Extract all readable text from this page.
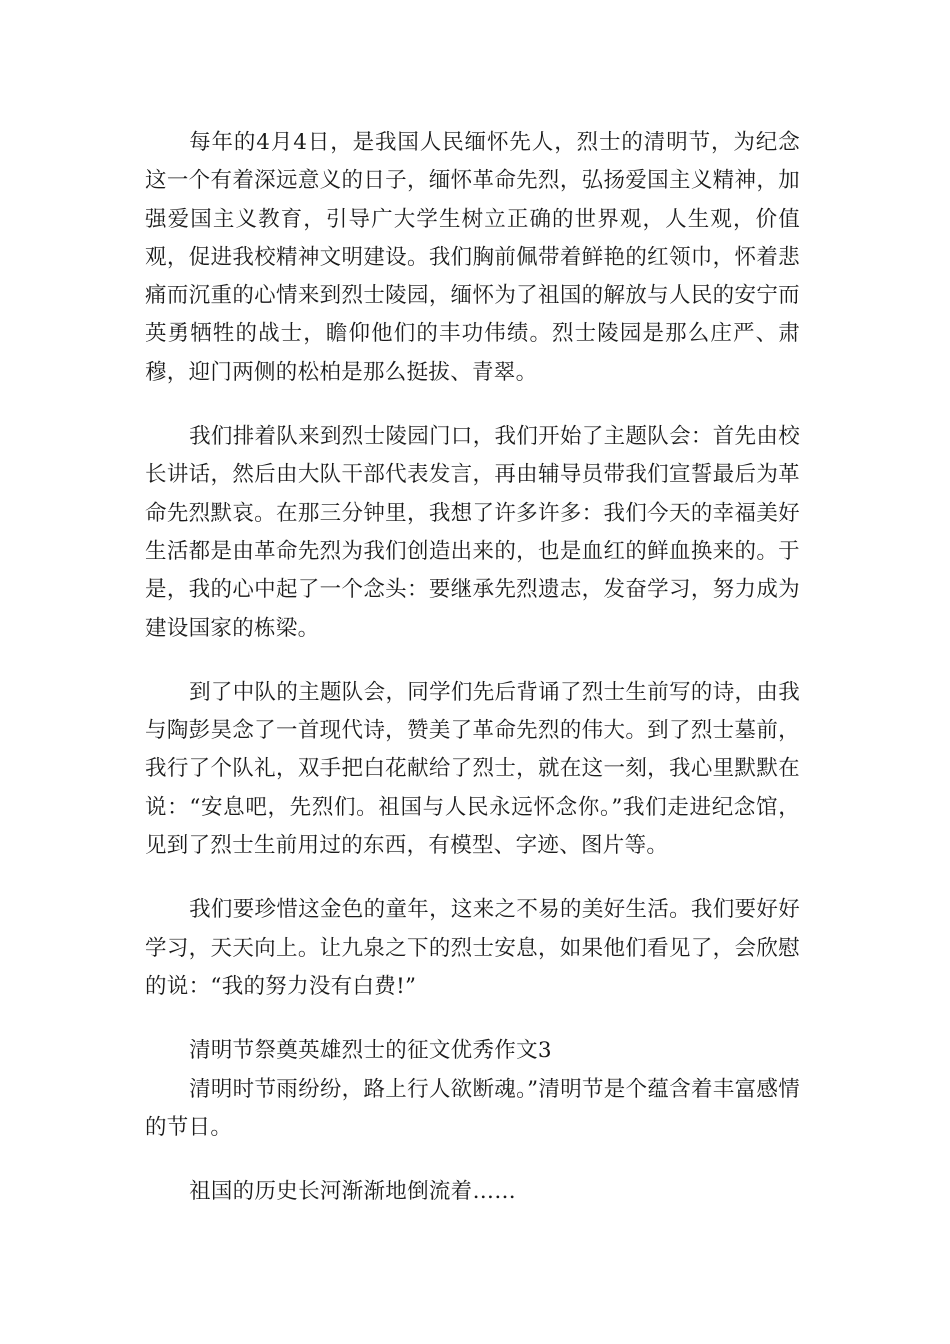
每年的4月4日，是我国人民缅怀先人，烈士的清明节，为纪念这一个有着深远意义的日子，缅怀革命先烈，弘扬爱国主义精神，加强爱国主义教育，引导广大学生树立正确的世界观，人生观，价值观，促进我校精神文明建设。我们胸前佩带着鲜艳的红领巾，怀着悲痛而沉重的心情来到烈士陵园，缅怀为了祖国的解放与人民的安宁而英勇牺牲的战士，瞻仰他们的丰功伟绩。烈士陵园是那么庄严、肃穆，迎门两侧的松柏是那么挺拔、青翠。

我们排着队来到烈士陵园门口，我们开始了主题队会：首先由校长讲话，然后由大队干部代表发言，再由辅导员带我们宣誓最后为革命先烈默哀。在那三分钟里，我想了许多许多：我们今天的幸福美好生活都是由革命先烈为我们创造出来的，也是血红的鲜血换来的。于是，我的心中起了一个念头：要继承先烈遗志，发奋学习，努力成为建设国家的栋梁。

到了中队的主题队会，同学们先后背诵了烈士生前写的诗，由我与陶彭昊念了一首现代诗，赞美了革命先烈的伟大。到了烈士墓前，我行了个队礼，双手把白花献给了烈士，就在这一刻，我心里默默在说：“安息吧，先烈们。祖国与人民永远怀念你。”我们走进纪念馆，见到了烈士生前用过的东西，有模型、字迹、图片等。

我们要珍惜这金色的童年，这来之不易的美好生活。我们要好好学习，天天向上。让九泉之下的烈士安息，如果他们看见了，会欣慰的说：“我的努力没有白费!”

清明节祭奠英雄烈士的征文优秀作文3

清明时节雨纷纷，路上行人欲断魂。”清明节是个蕴含着丰富感情的节日。

祖国的历史长河渐渐地倒流着……
